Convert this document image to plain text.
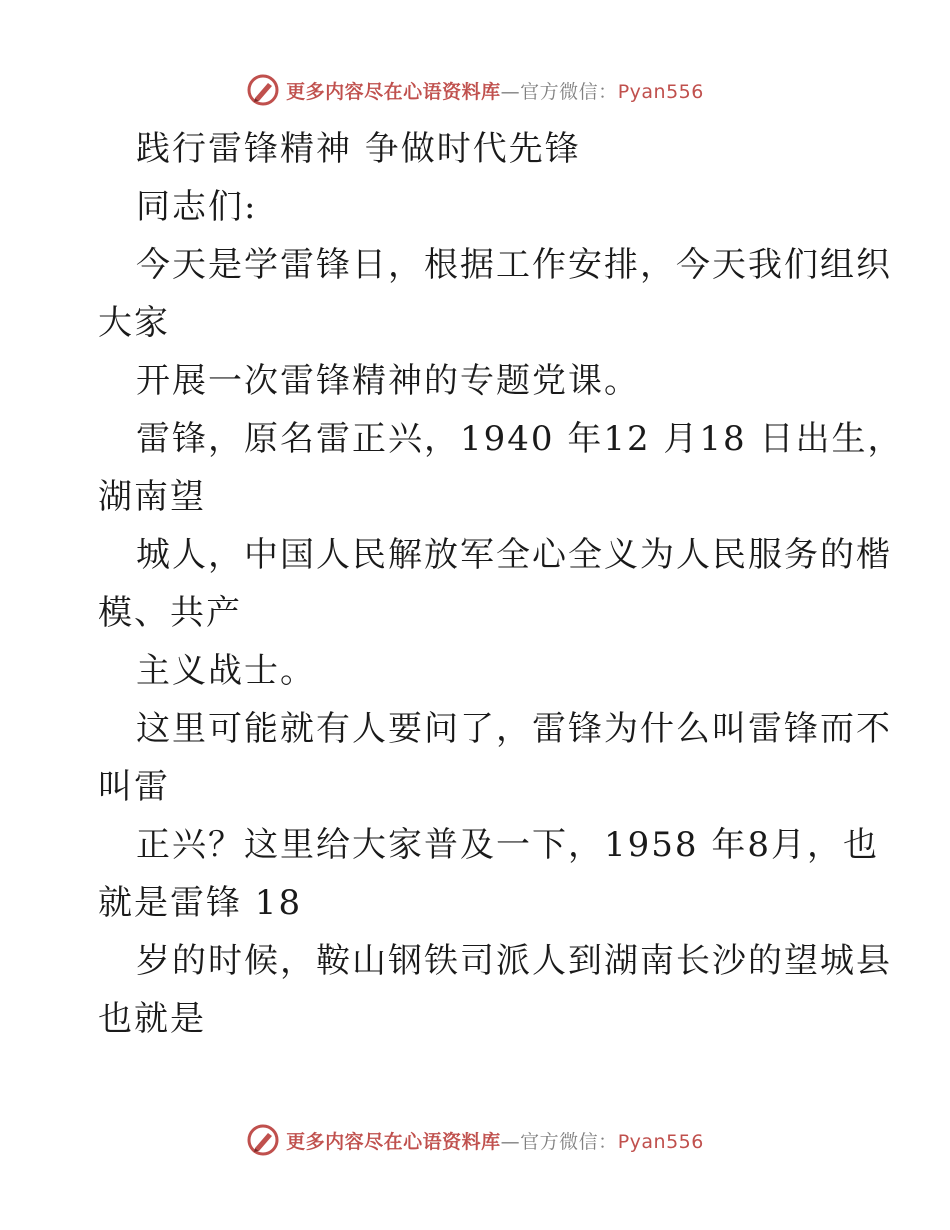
更多内容尽在心语资料库—官方微信：Pyan556
践行雷锋精神 争做时代先锋
同志们:
今天是学雷锋日，根据工作安排，今天我们组织
大家
开展一次雷锋精神的专题党课。
雷锋，原名雷正兴，1940 年12 月18 日出生，
湖南望
城人，中国人民解放军全心全义为人民服务的楷
模、共产
主义战士。
这里可能就有人要问了，雷锋为什么叫雷锋而不
叫雷
正兴？这里给大家普及一下，1958 年8月，也
就是雷锋 18
岁的时候，鞍山钢铁司派人到湖南长沙的望城县
也就是
更多内容尽在心语资料库—官方微信：Pyan556
